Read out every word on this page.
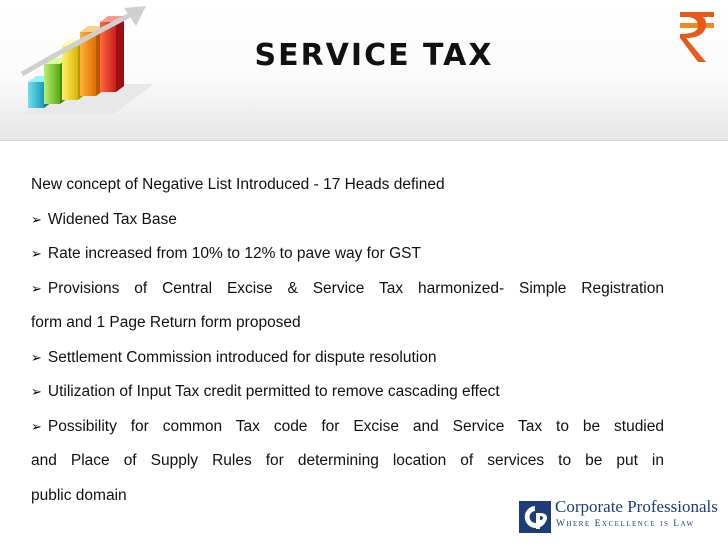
SERVICE TAX
New concept of Negative List Introduced - 17 Heads defined
➢ Widened Tax Base
➢ Rate increased from 10% to 12% to pave way for GST
➢ Provisions of Central Excise & Service Tax harmonized- Simple Registration
form and 1 Page Return form proposed
➢ Settlement Commission introduced for dispute resolution
➢ Utilization of Input Tax credit permitted to remove cascading effect
➢ Possibility for common Tax code for Excise and Service Tax to be studied
and Place of Supply Rules for determining location of services to be put in
public domain
Corporate Professionals
Where Excellence is Law
